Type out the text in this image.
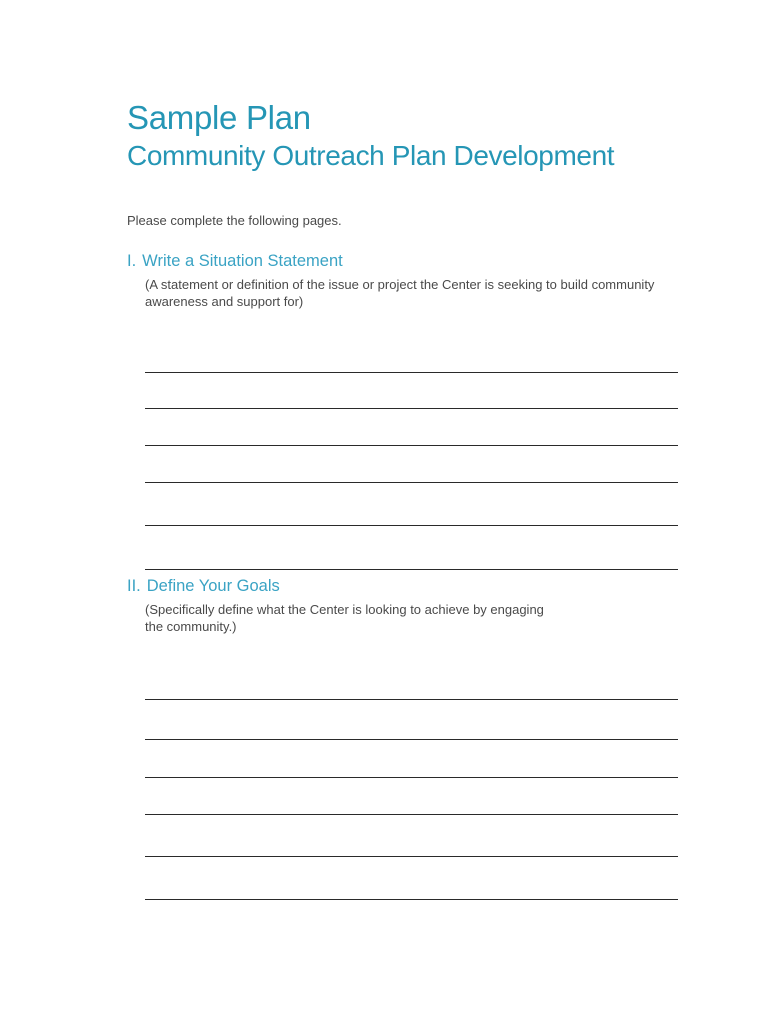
Sample Plan
Community Outreach Plan Development
Please complete the following pages.
I. Write a Situation Statement
(A statement or definition of the issue or project the Center is seeking to build community
awareness and support for)
II. Define Your Goals
(Specifically define what the Center is looking to achieve by engaging
the community.)
